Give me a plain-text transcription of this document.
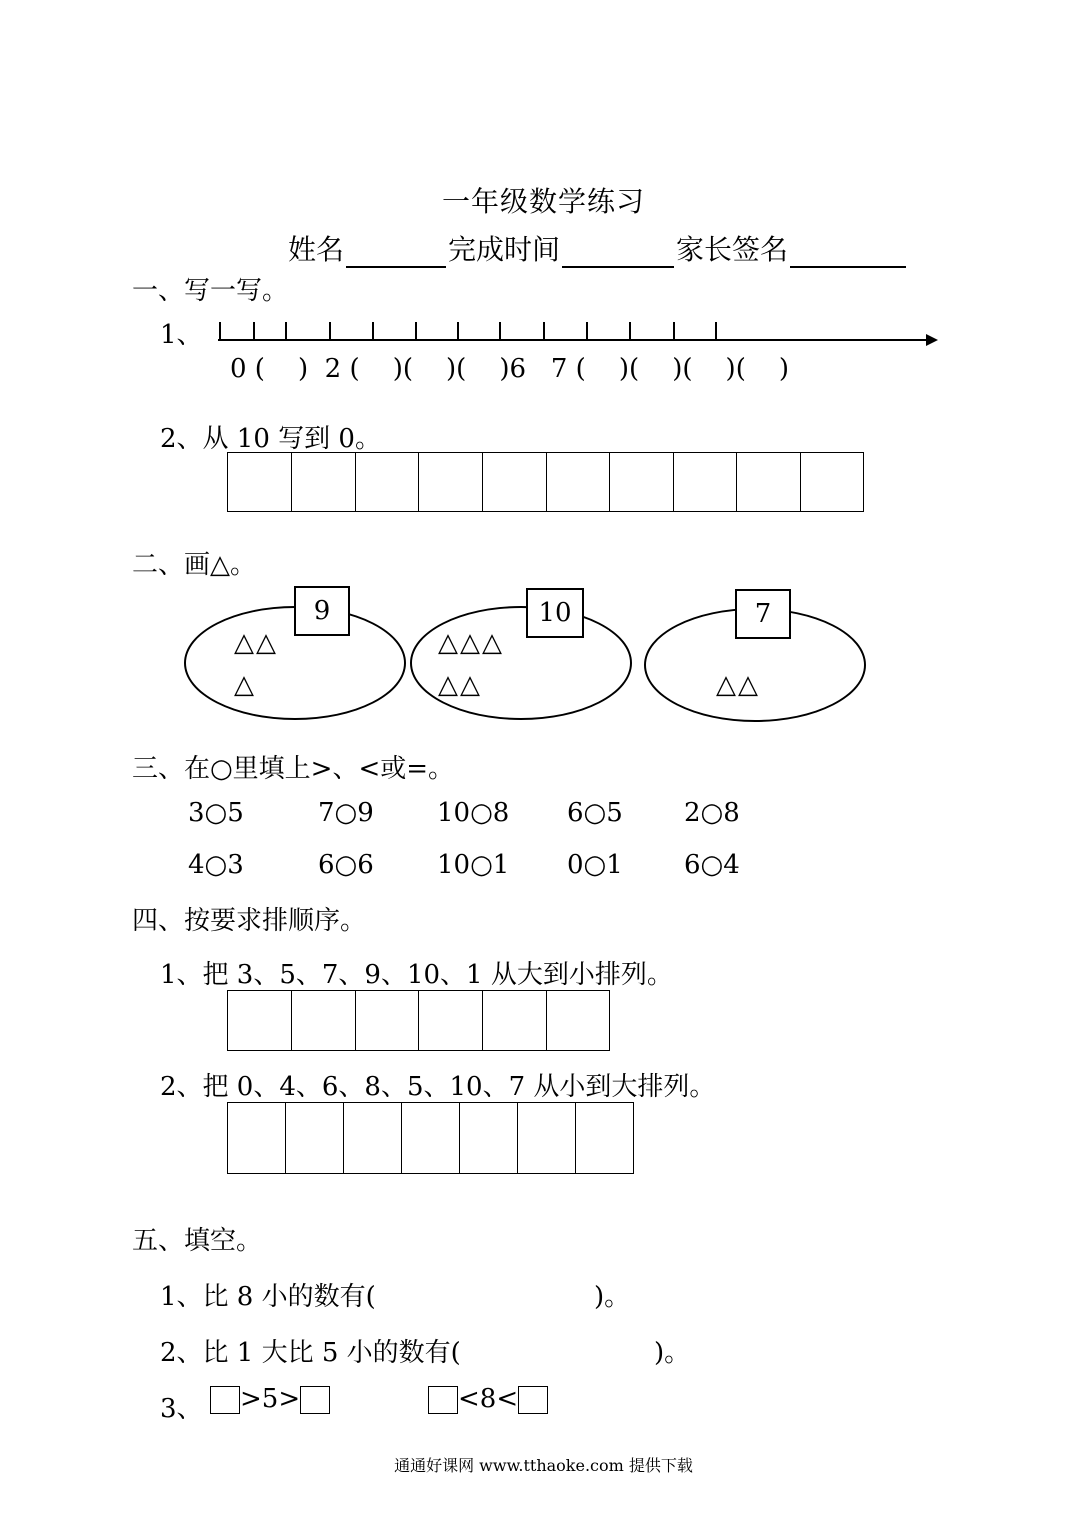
一年级数学练习
姓名	完成时间	家长签名
一、写一写。
1、
0 (    )  2 (    )(    )(    )6   7 (    )(    )(    )(    )
2、从 10 写到 0。
二、画△。
9
△△
△
10
△△△
△△
7
△△
三、在○里填上>、<或=。
3○5	7○9 10○8 6○5 2○8
4○3	6○6 10○1 0○1 6○4
四、按要求排顺序。
1、把 3、5、7、9、10、1 从大到小排列。
2、把 0、4、6、8、5、10、7 从小到大排列。
五、填空。
1、比 8 小的数有(	)。
2、比 1 大比 5 小的数有(	)。
3、	>5>	<8<
通通好课网 www.tthaoke.com 提供下载
